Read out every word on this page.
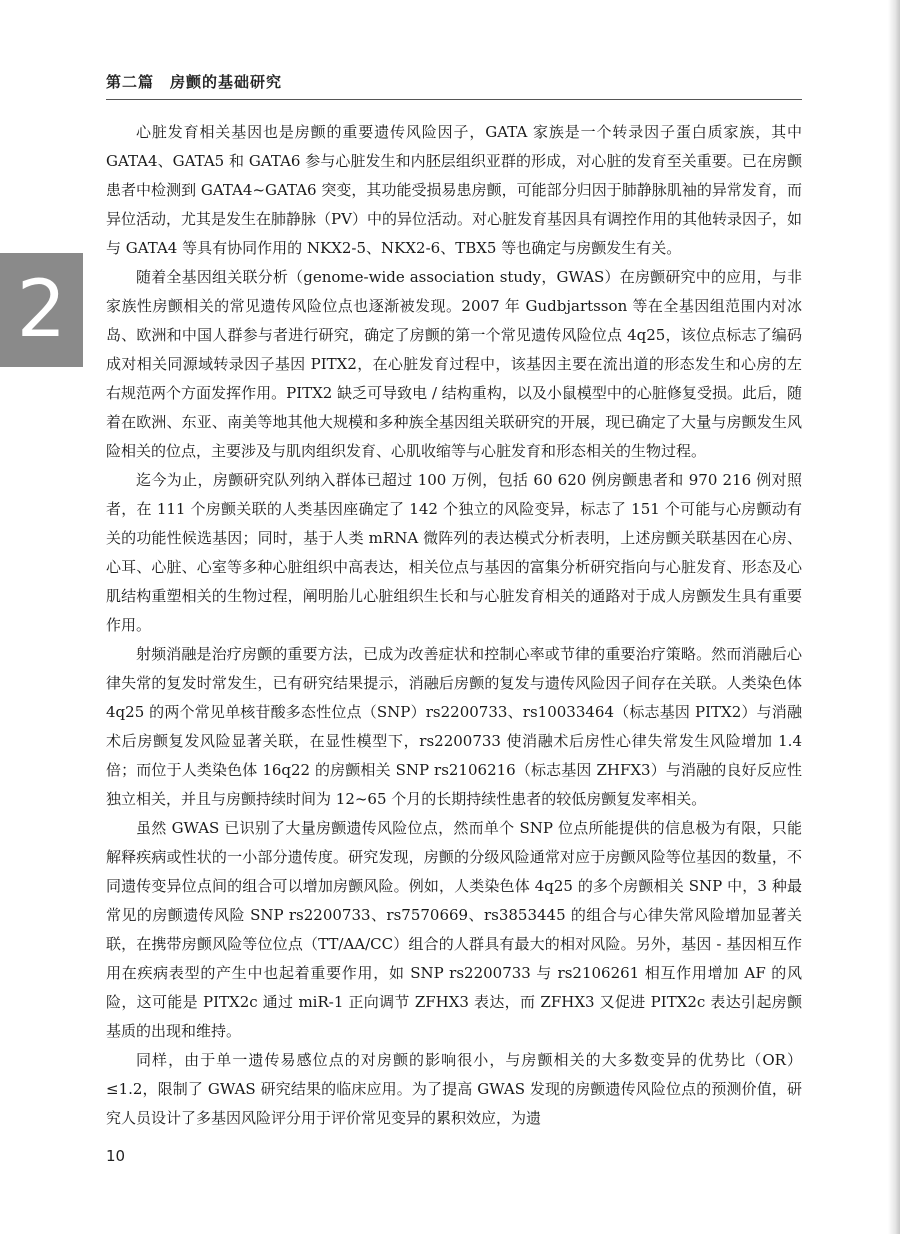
第二篇　房颤的基础研究
2

心脏发育相关基因也是房颤的重要遗传风险因子，GATA 家族是一个转录因子蛋白质家族，其中 GATA4、GATA5 和 GATA6 参与心脏发生和内胚层组织亚群的形成，对心脏的发育至关重要。已在房颤患者中检测到 GATA4~GATA6 突变，其功能受损易患房颤，可能部分归因于肺静脉肌袖的异常发育，而异位活动，尤其是发生在肺静脉（PV）中的异位活动。对心脏发育基因具有调控作用的其他转录因子，如与 GATA4 等具有协同作用的 NKX2-5、NKX2-6、TBX5 等也确定与房颤发生有关。

随着全基因组关联分析（genome-wide association study，GWAS）在房颤研究中的应用，与非家族性房颤相关的常见遗传风险位点也逐渐被发现。2007 年 Gudbjartsson 等在全基因组范围内对冰岛、欧洲和中国人群参与者进行研究，确定了房颤的第一个常见遗传风险位点 4q25，该位点标志了编码成对相关同源域转录因子基因 PITX2，在心脏发育过程中，该基因主要在流出道的形态发生和心房的左右规范两个方面发挥作用。PITX2 缺乏可导致电 / 结构重构，以及小鼠模型中的心脏修复受损。此后，随着在欧洲、东亚、南美等地其他大规模和多种族全基因组关联研究的开展，现已确定了大量与房颤发生风险相关的位点，主要涉及与肌肉组织发育、心肌收缩等与心脏发育和形态相关的生物过程。

迄今为止，房颤研究队列纳入群体已超过 100 万例，包括 60 620 例房颤患者和 970 216 例对照者，在 111 个房颤关联的人类基因座确定了 142 个独立的风险变异，标志了 151 个可能与心房颤动有关的功能性候选基因；同时，基于人类 mRNA 微阵列的表达模式分析表明，上述房颤关联基因在心房、心耳、心脏、心室等多种心脏组织中高表达，相关位点与基因的富集分析研究指向与心脏发育、形态及心肌结构重塑相关的生物过程，阐明胎儿心脏组织生长和与心脏发育相关的通路对于成人房颤发生具有重要作用。

射频消融是治疗房颤的重要方法，已成为改善症状和控制心率或节律的重要治疗策略。然而消融后心律失常的复发时常发生，已有研究结果提示，消融后房颤的复发与遗传风险因子间存在关联。人类染色体 4q25 的两个常见单核苷酸多态性位点（SNP）rs2200733、rs10033464（标志基因 PITX2）与消融术后房颤复发风险显著关联，在显性模型下，rs2200733 使消融术后房性心律失常发生风险增加 1.4 倍；而位于人类染色体 16q22 的房颤相关 SNP rs2106216（标志基因 ZHFX3）与消融的良好反应性独立相关，并且与房颤持续时间为 12~65 个月的长期持续性患者的较低房颤复发率相关。

虽然 GWAS 已识别了大量房颤遗传风险位点，然而单个 SNP 位点所能提供的信息极为有限，只能解释疾病或性状的一小部分遗传度。研究发现，房颤的分级风险通常对应于房颤风险等位基因的数量，不同遗传变异位点间的组合可以增加房颤风险。例如，人类染色体 4q25 的多个房颤相关 SNP 中，3 种最常见的房颤遗传风险 SNP rs2200733、rs7570669、rs3853445 的组合与心律失常风险增加显著关联，在携带房颤风险等位位点（TT/AA/CC）组合的人群具有最大的相对风险。另外，基因 - 基因相互作用在疾病表型的产生中也起着重要作用，如 SNP rs2200733 与 rs2106261 相互作用增加 AF 的风险，这可能是 PITX2c 通过 miR-1 正向调节 ZFHX3 表达，而 ZFHX3 又促进 PITX2c 表达引起房颤基质的出现和维持。

同样，由于单一遗传易感位点的对房颤的影响很小，与房颤相关的大多数变异的优势比（OR）≤1.2，限制了 GWAS 研究结果的临床应用。为了提高 GWAS 发现的房颤遗传风险位点的预测价值，研究人员设计了多基因风险评分用于评价常见变异的累积效应，为遗

10
